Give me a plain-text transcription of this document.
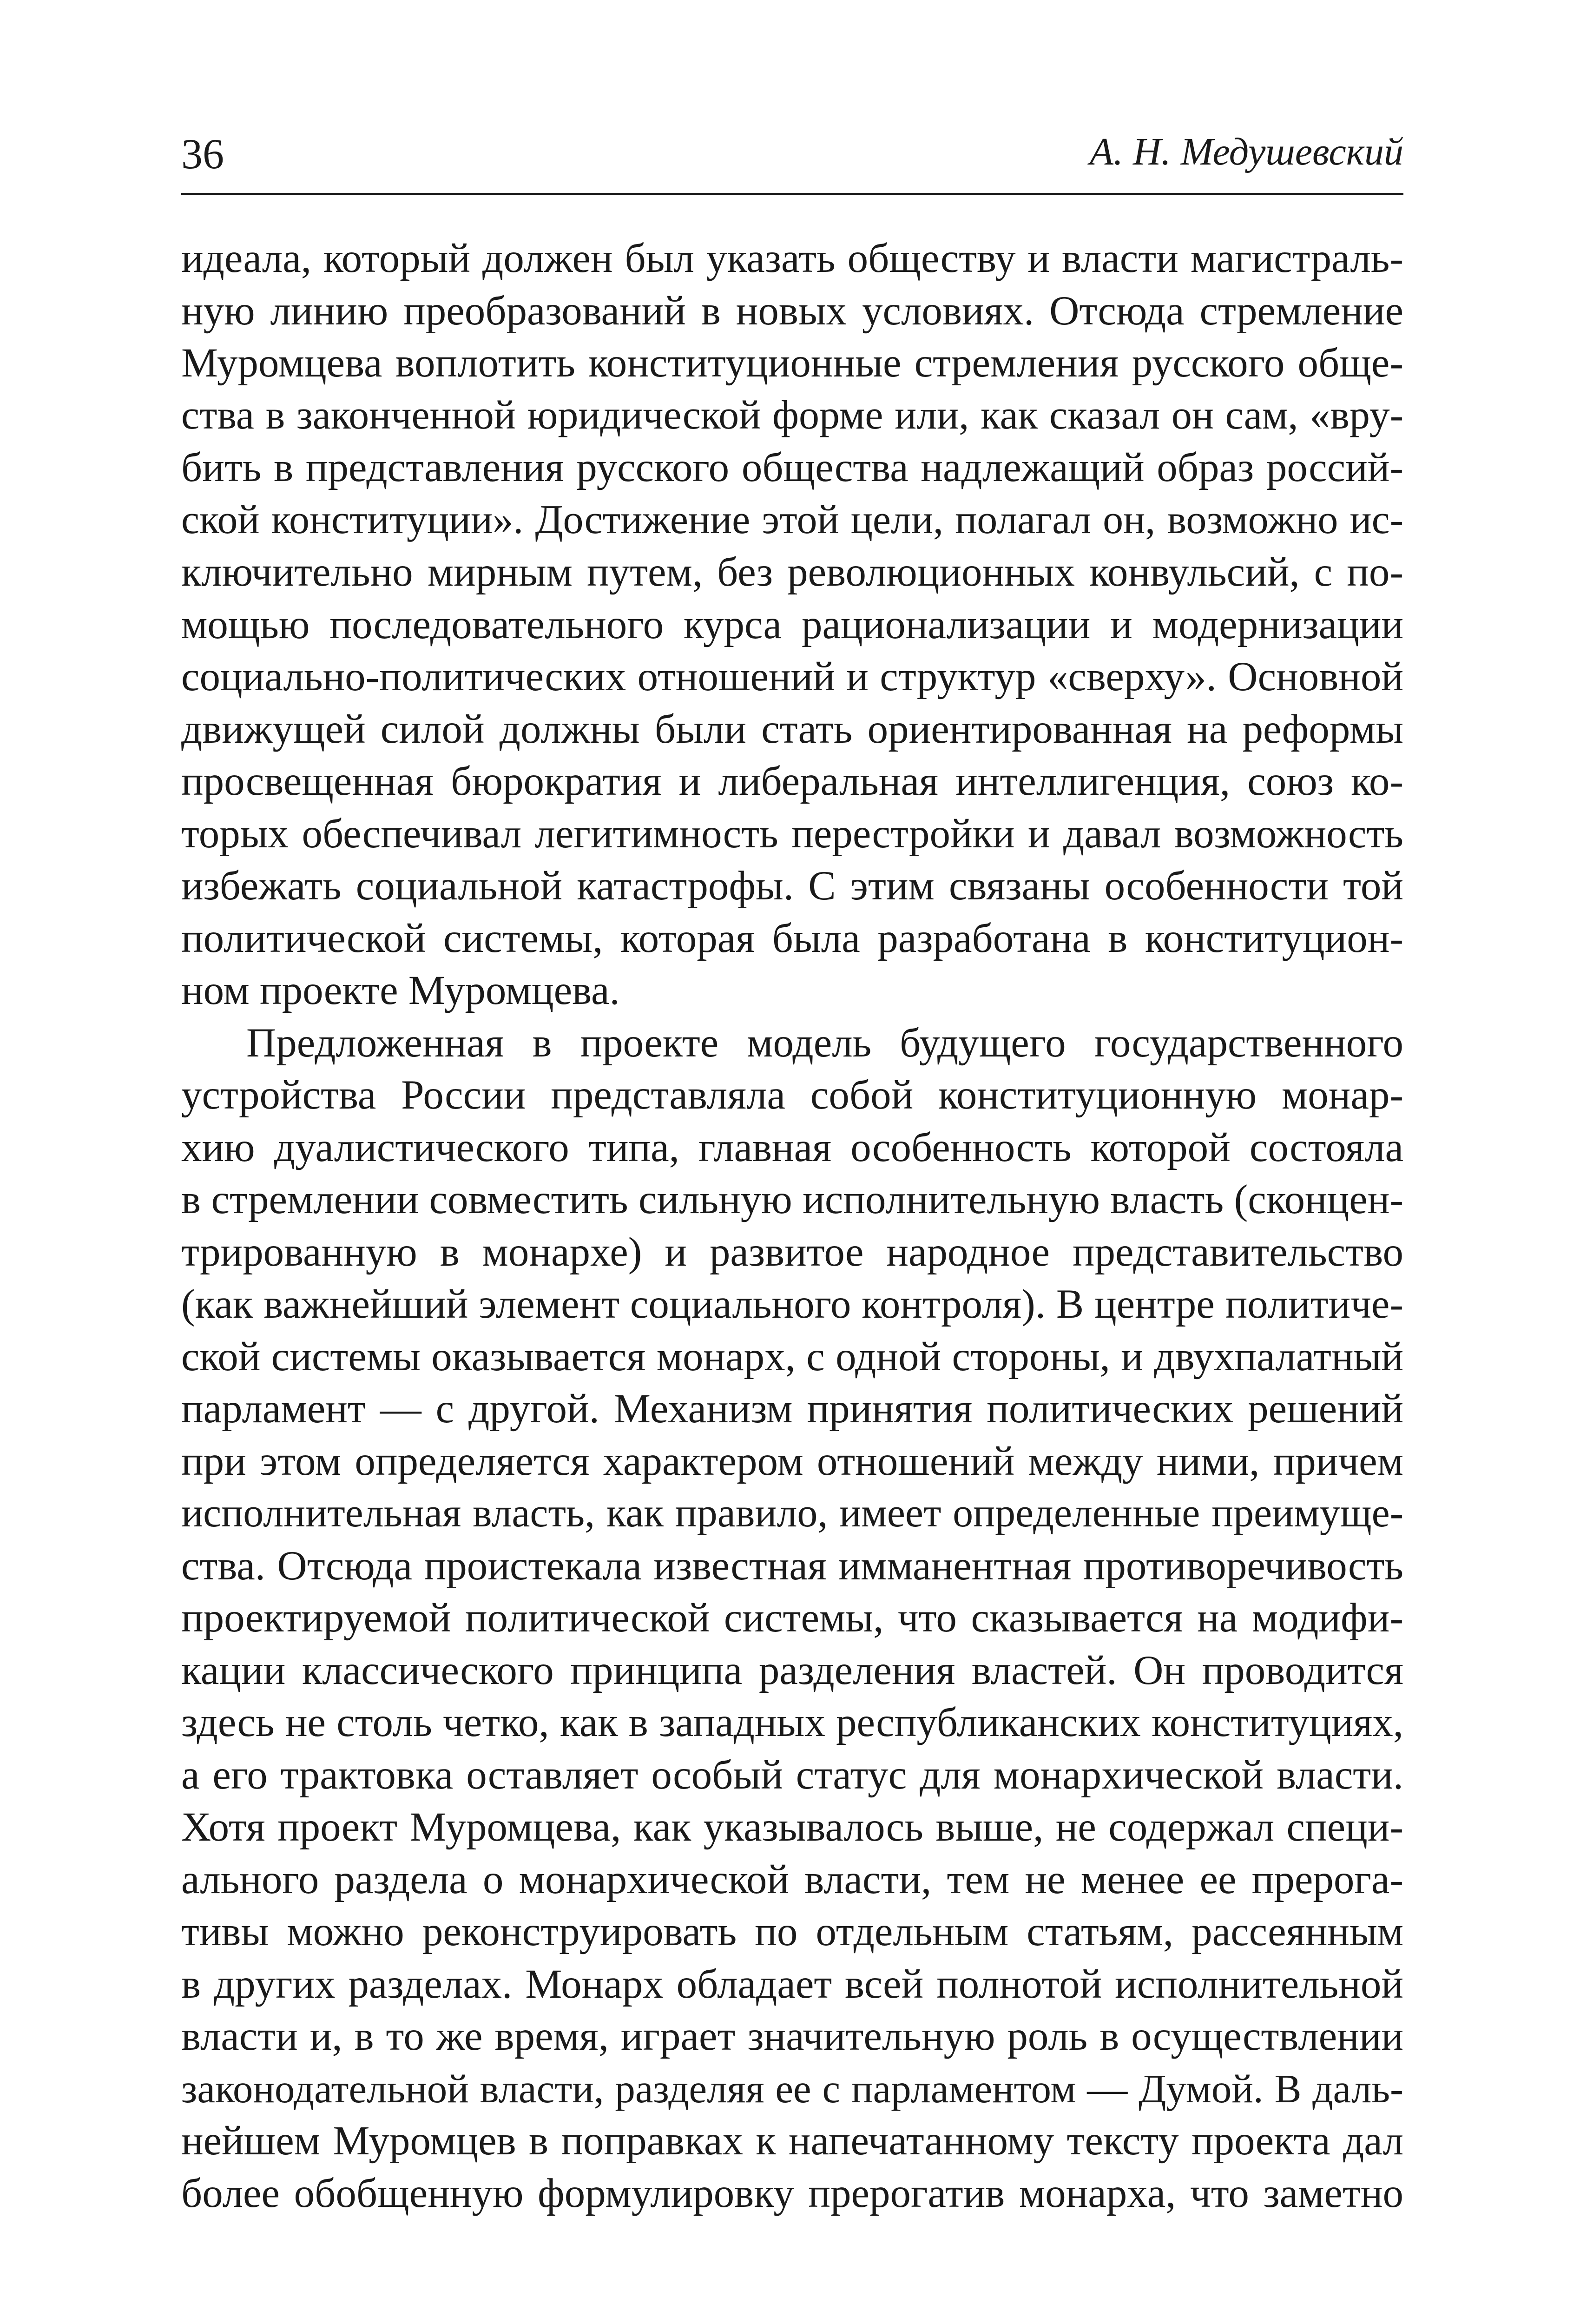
36	А. Н. Медушевский
идеала, который должен был указать обществу и власти магистраль-
ную линию преобразований в новых условиях. Отсюда стремление
Муромцева воплотить конституционные стремления русского обще-
ства в законченной юридической форме или, как сказал он сам, «вру-
бить в представления русского общества надлежащий образ россий-
ской конституции». Достижение этой цели, полагал он, возможно ис-
ключительно мирным путем, без революционных конвульсий, с по-
мощью последовательного курса рационализации и модернизации
социально-политических отношений и структур «сверху». Основной
движущей силой должны были стать ориентированная на реформы
просвещенная бюрократия и либеральная интеллигенция, союз ко-
торых обеспечивал легитимность перестройки и давал возможность
избежать социальной катастрофы. С этим связаны особенности той
политической системы, которая была разработана в конституцион-
ном проекте Муромцева.
Предложенная в проекте модель будущего государственного
устройства России представляла собой конституционную монар-
хию дуалистического типа, главная особенность которой состояла
в стремлении совместить сильную исполнительную власть (сконцен-
трированную в монархе) и развитое народное представительство
(как важнейший элемент социального контроля). В центре политиче-
ской системы оказывается монарх, с одной стороны, и двухпалатный
парламент — с другой. Механизм принятия политических решений
при этом определяется характером отношений между ними, причем
исполнительная власть, как правило, имеет определенные преимуще-
ства. Отсюда проистекала известная имманентная противоречивость
проектируемой политической системы, что сказывается на модифи-
кации классического принципа разделения властей. Он проводится
здесь не столь четко, как в западных республиканских конституциях,
а его трактовка оставляет особый статус для монархической власти.
Хотя проект Муромцева, как указывалось выше, не содержал специ-
ального раздела о монархической власти, тем не менее ее прерога-
тивы можно реконструировать по отдельным статьям, рассеянным
в других разделах. Монарх обладает всей полнотой исполнительной
власти и, в то же время, играет значительную роль в осуществлении
законодательной власти, разделяя ее с парламентом — Думой. В даль-
нейшем Муромцев в поправках к напечатанному тексту проекта дал
более обобщенную формулировку прерогатив монарха, что заметно
